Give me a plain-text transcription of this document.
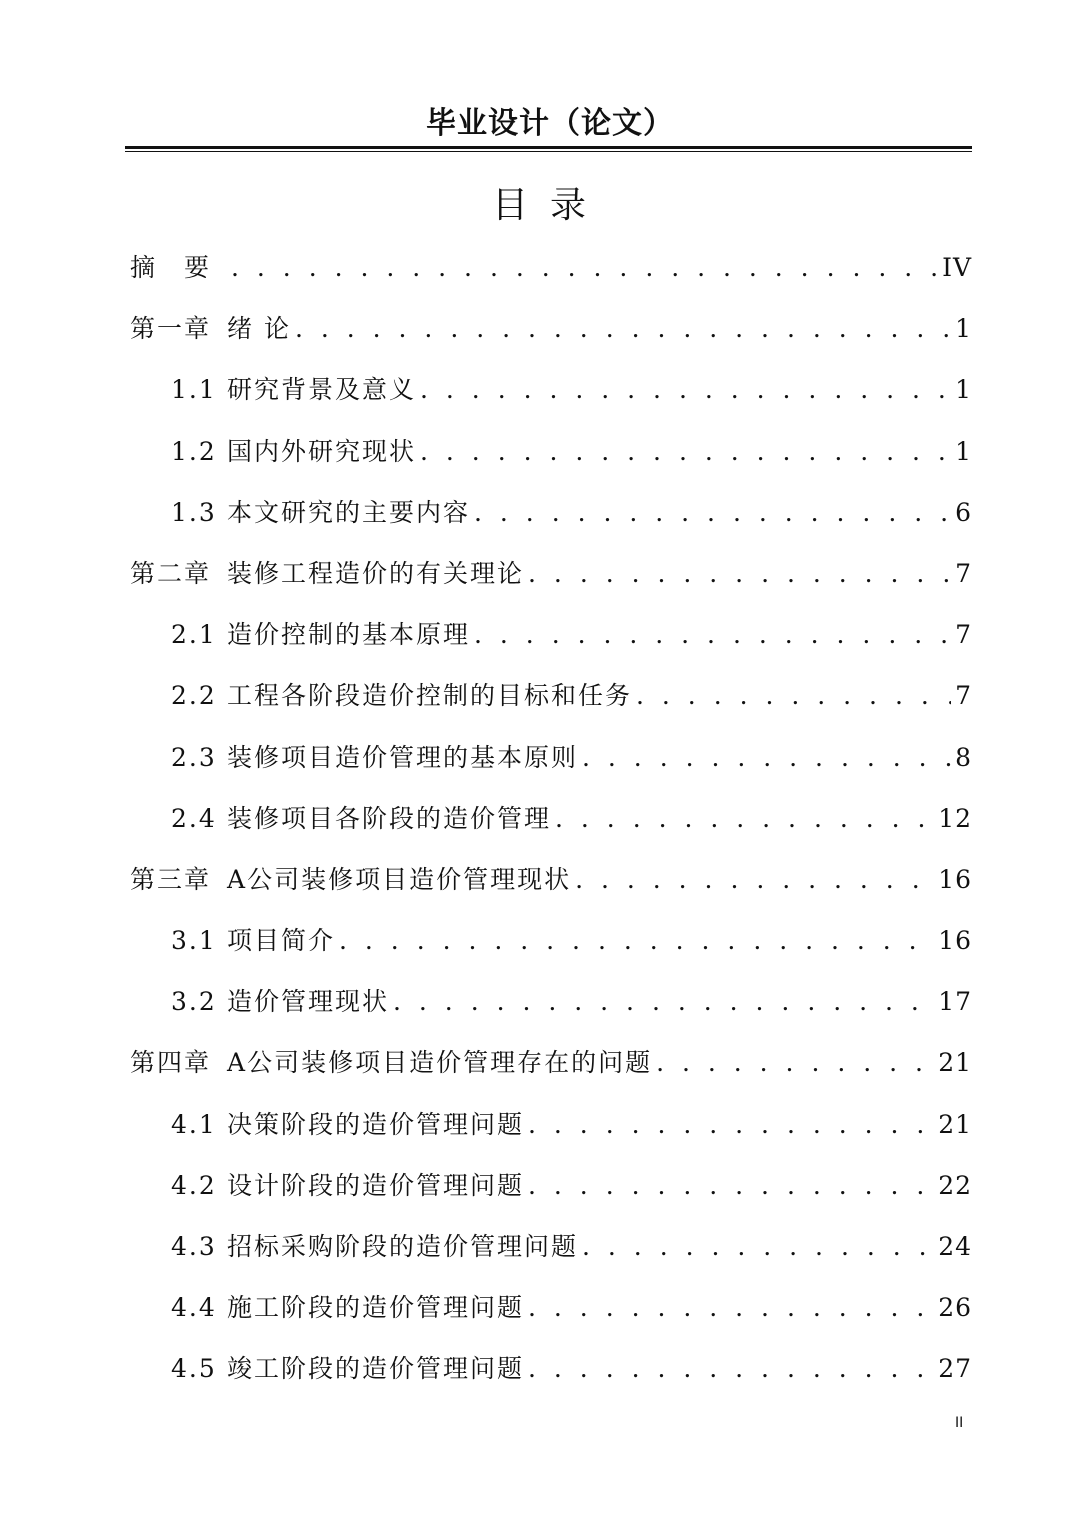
毕业设计（论文）
目录
摘　要 . . .	IV
第一章 绪 论 . . .	1
1.1 研究背景及意义 . . .	1
1.2 国内外研究现状 . . .	1
1.3 本文研究的主要内容 . . .	6
第二章 装修工程造价的有关理论 . . .	7
2.1 造价控制的基本原理 . . .	7
2.2 工程各阶段造价控制的目标和任务 . . .	7
2.3 装修项目造价管理的基本原则 . . .	8
2.4 装修项目各阶段的造价管理 . . .	12
第三章 A公司装修项目造价管理现状 . . .	16
3.1 项目简介 . . .	16
3.2 造价管理现状 . . .	17
第四章 A公司装修项目造价管理存在的问题 . . .	21
4.1 决策阶段的造价管理问题 . . .	21
4.2 设计阶段的造价管理问题 . . .	22
4.3 招标采购阶段的造价管理问题 . . .	24
4.4 施工阶段的造价管理问题 . . .	26
4.5 竣工阶段的造价管理问题 . . .	27
II
